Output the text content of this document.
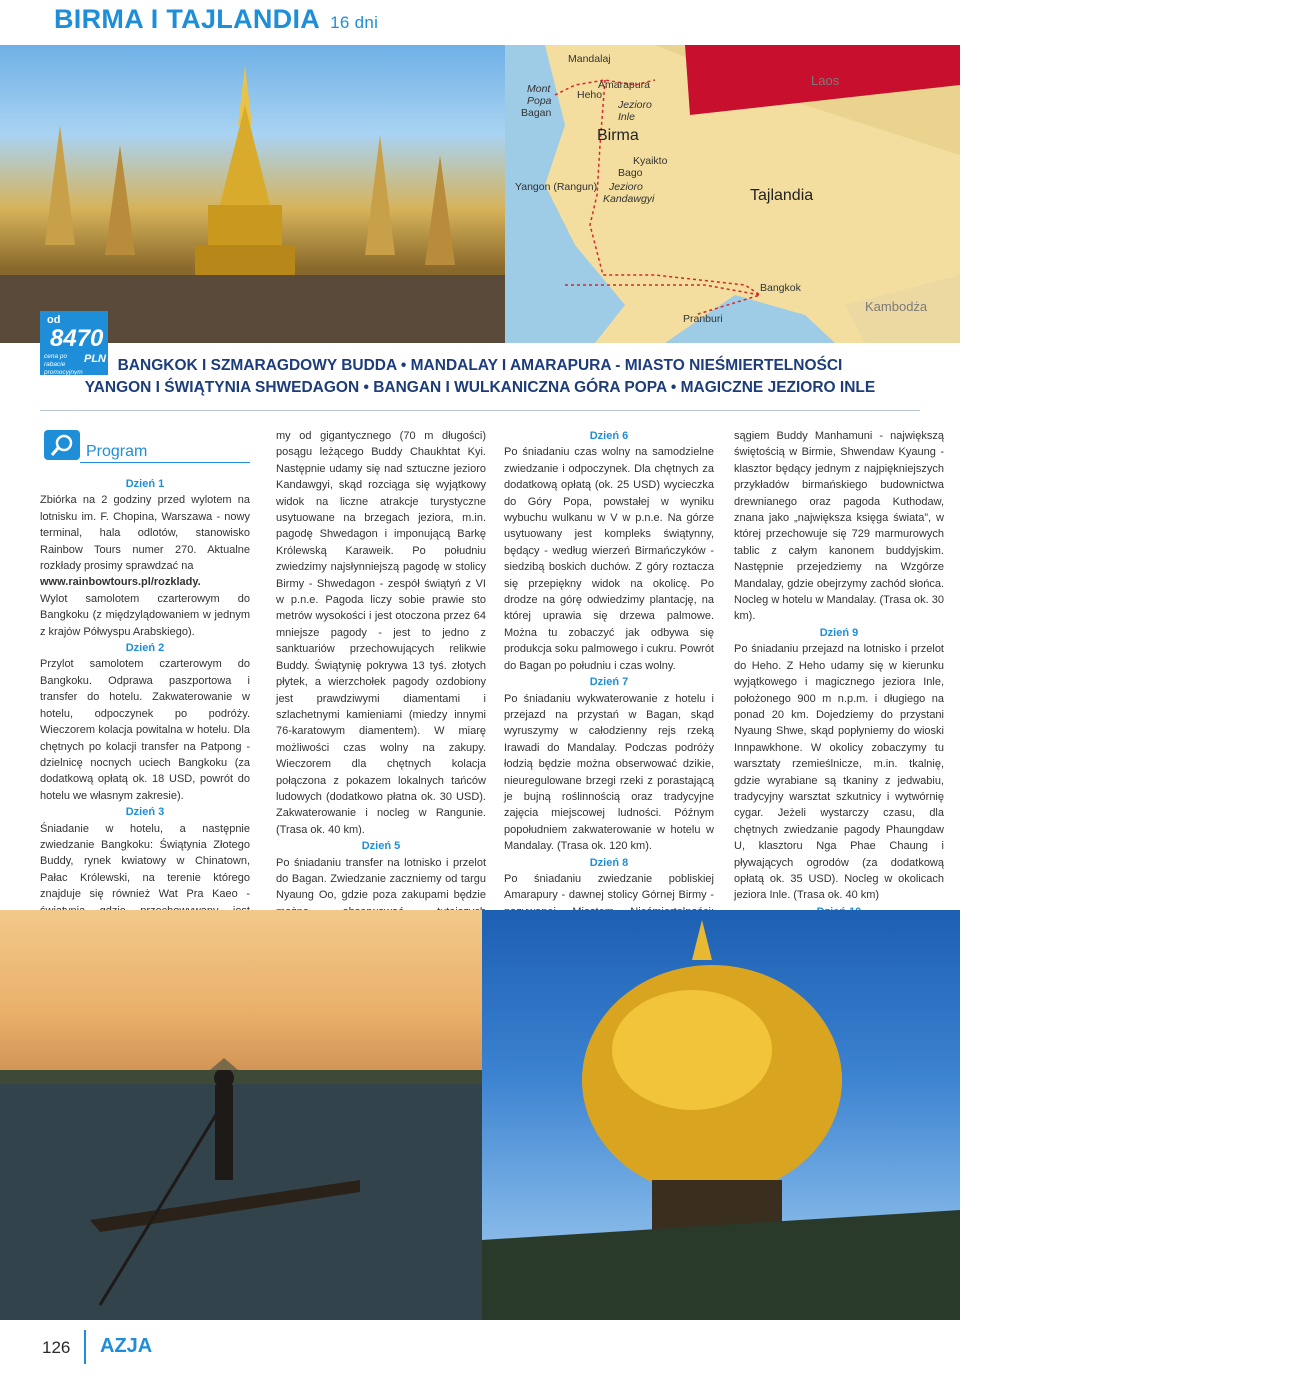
BIRMA I TAJLANDIA 16 dni
od
8470
cena po rabacie promocyjnym
PLN
PRZELOTY LOKALNE W CENIE
Mandalaj
Mont
Popa
Bagan
Amarapura
Heho
Jezioro
Inle
Birma
Kyaikto
Bago
Yangon (Rangun) Jezioro
Kandawgyi
Laos
Tajlandia
Bangkok
Pranburi
Kambodża
BANGKOK I SZMARAGDOWY BUDDA • MANDALAY I AMARAPURA - MIASTO NIEŚMIERTELNOŚCI
YANGON I ŚWIĄTYNIA SHWEDAGON • BANGAN I WULKANICZNA GÓRA POPA • MAGICZNE JEZIORO INLE
Program

Dzień 1

Zbiórka na 2 godziny przed wylotem na lotnisku im. F. Chopina, Warszawa - nowy terminal, hala odlotów, stanowisko Rainbow Tours numer 270. Aktualne rozkłady prosimy sprawdzać na

www.rainbowtours.pl/rozklady.

Wylot samolotem czarterowym do Bangkoku (z międzylądowaniem w jednym z krajów Półwyspu Arabskiego).

Dzień 2

Przylot samolotem czarterowym do Bangkoku. Odprawa paszportowa i transfer do hotelu. Zakwaterowanie w hotelu, odpoczynek po podróży. Wieczorem kolacja powitalna w hotelu. Dla chętnych po kolacji transfer na Patpong - dzielnicę nocnych uciech Bangkoku (za dodatkową opłatą ok. 18 USD, powrót do hotelu we własnym zakresie).

Dzień 3

Śniadanie w hotelu, a następnie zwiedzanie Bangkoku: Świątynia Złotego Buddy, rynek kwiatowy w Chinatown, Pałac Królewski, na terenie którego znajduje się również Wat Pra Kaeo -

my od gigantycznego (70 m długości) posągu leżącego Buddy Chaukhtat Kyi. Następnie udamy się nad sztuczne jezioro Kandawgyi, skąd rozciąga się wyjątkowy widok na liczne atrakcje turystyczne usytuowane na brzegach jeziora, m.in. pagodę Shwedagon i imponującą Barkę Królewską Karaweik. Po południu zwiedzimy najsłynniejszą pagodę w stolicy Birmy - Shwedagon - zespół świątyń z VI w p.n.e. Pagoda liczy sobie prawie sto metrów wysokości i jest otoczona przez 64 mniejsze pagody - jest to jedno z sanktuariów przechowujących relikwie Buddy. Świątynię pokrywa 13 tyś. złotych płytek, a wierzchołek pagody ozdobiony jest prawdziwymi diamentami i szlachetnymi kamieniami (miedzy innymi 76-karatowym diamentem). W miarę możliwości czas wolny na zakupy. Wieczorem dla chętnych kolacja połączona z pokazem lokalnych tańców ludowych (dodatkowo płatna ok. 30 USD). Zakwaterowanie i nocleg w Rangunie. (Trasa ok. 40 km).

Dzień 5

Po śniadaniu transfer na lotnisko i przelot do Bagan. Zwiedzanie zaczniemy od targu Nyaung Oo, gdzie poza zakupami będzie

Dzień 6

Po śniadaniu czas wolny na samodzielne zwiedzanie i odpoczynek. Dla chętnych za dodatkową opłatą (ok. 25 USD) wycieczka do Góry Popa, powstałej w wyniku wybuchu wulkanu w V w p.n.e. Na górze usytuowany jest kompleks świątynny, będący - według wierzeń Birmańczyków - siedzibą boskich duchów. Z góry roztacza się przepiękny widok na okolicę. Po drodze na górę odwiedzimy plantację, na której uprawia się drzewa palmowe. Można tu zobaczyć jak odbywa się produkcja soku palmowego i cukru. Powrót do Bagan po południu i czas wolny.

Dzień 7

Po śniadaniu wykwaterowanie z hotelu i przejazd na przystań w Bagan, skąd wyruszymy w całodzienny rejs rzeką Irawadi do Mandalay. Podczas podróży łodzią będzie można obserwować dzikie, nieuregulowane brzegi rzeki z porastającą je bujną roślinnością oraz tradycyjne zajęcia miejscowej ludności. Późnym popołudniem zakwaterowanie w hotelu w Mandalay. (Trasa ok. 120 km).

Dzień 8

Po śniadaniu zwiedzanie pobliskiej Amarapury - dawnej stolicy Górnej Birmy -

sągiem Buddy Manhamuni - największą świętością w Birmie, Shwendaw Kyaung - klasztor będący jednym z najpiękniejszych przykładów birmańskiego budownictwa drewnianego oraz pagoda Kuthodaw, znana jako „największa księga świata”, w której przechowuje się 729 marmurowych tablic z całym kanonem buddyjskim. Następnie przejedziemy na Wzgórze Mandalay, gdzie obejrzymy zachód słońca. Nocleg w hotelu w Mandalay. (Trasa ok. 30 km).

Dzień 9

Po śniadaniu przejazd na lotnisko i przelot do Heho. Z Heho udamy się w kierunku wyjątkowego i magicznego jeziora Inle, położonego 900 m n.p.m. i długiego na ponad 20 km. Dojedziemy do przystani Nyaung Shwe, skąd popłyniemy do wioski Innpawkhone. W okolicy zobaczymy tu warsztaty rzemieślnicze, m.in. tkalnię, gdzie wyrabiane są tkaniny z jedwabiu, tradycyjny warsztat szkutnicy i wytwórnię cygar. Jeżeli wystarczy czasu, dla chętnych zwiedzanie pagody Phaungdaw U, klasztoru Nga Phae Chaung i pływających ogrodów (za dodatkową opłatą ok. 35 USD). Nocleg w okolicach jeziora Inle. (Trasa ok. 40 km)

126 AZJA
